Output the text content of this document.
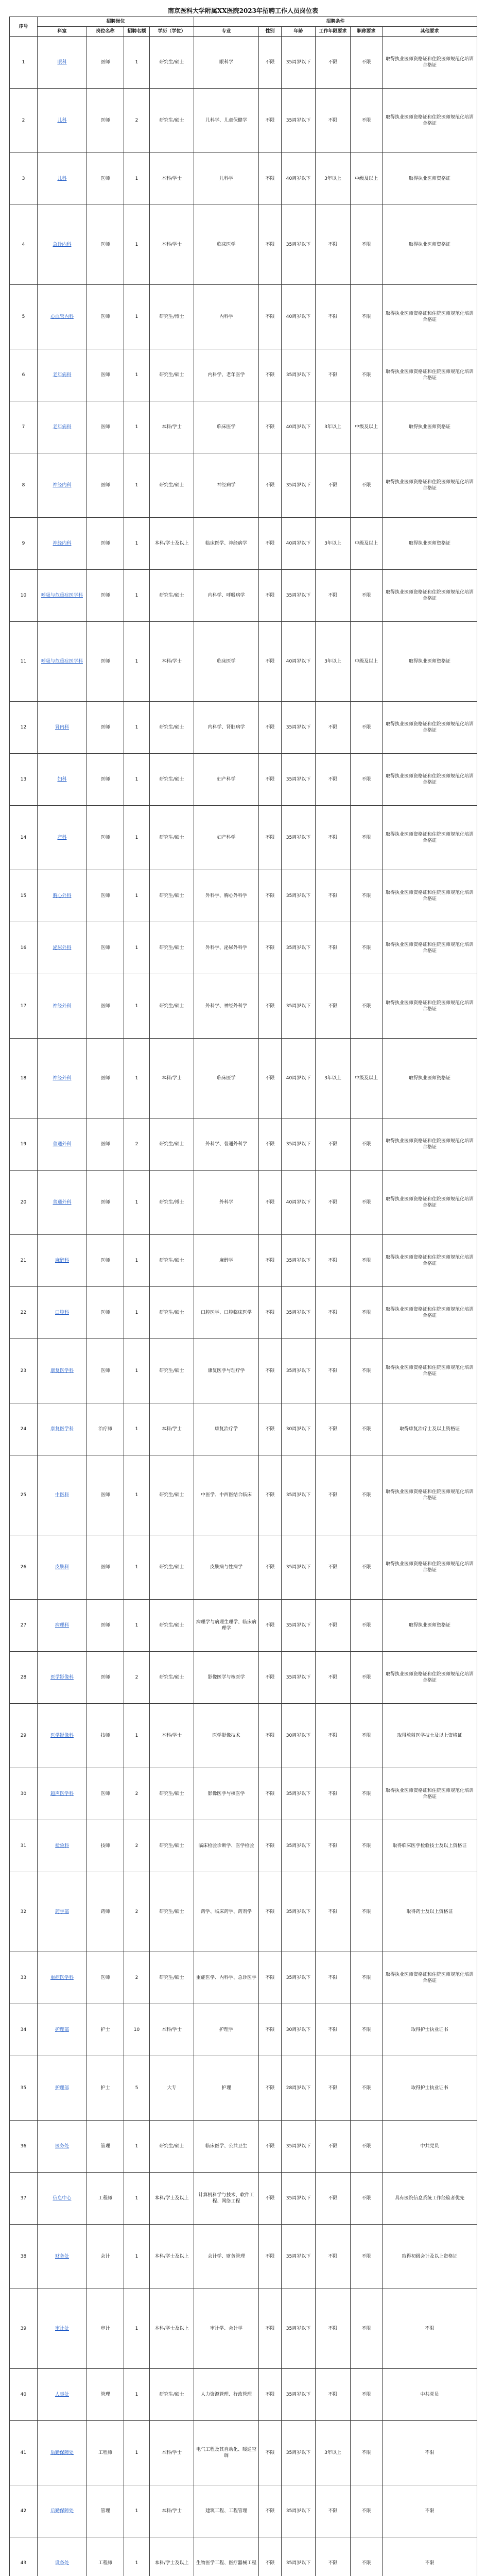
南京医科大学附属XX医院2023年招聘工作人员岗位表
序号	招聘岗位				招聘条件					
	科室	岗位名称	招聘名额	学历（学位）	专业	性别	年龄	工作年限要求	职称要求	其他要求
1	眼科	医师	1	研究生/硕士	眼科学	不限	35周岁以下	不限	不限	取得执业医师资格证和住院医师规范化培训合格证
2	儿科	医师	2	研究生/硕士	儿科学、儿童保健学	不限	35周岁以下	不限	不限	取得执业医师资格证和住院医师规范化培训合格证
3	儿科	医师	1	本科/学士	儿科学	不限	40周岁以下	3年以上	中级及以上	取得执业医师资格证
4	急诊内科	医师	1	本科/学士	临床医学	不限	35周岁以下	不限	不限	取得执业医师资格证
5	心血管内科	医师	1	研究生/博士	内科学	不限	40周岁以下	不限	不限	取得执业医师资格证和住院医师规范化培训合格证
6	老年病科	医师	1	研究生/硕士	内科学、老年医学	不限	35周岁以下	不限	不限	取得执业医师资格证和住院医师规范化培训合格证
7	老年病科	医师	1	本科/学士	临床医学	不限	40周岁以下	3年以上	中级及以上	取得执业医师资格证
8	神经内科	医师	1	研究生/硕士	神经病学	不限	35周岁以下	不限	不限	取得执业医师资格证和住院医师规范化培训合格证
9	神经内科	医师	1	本科/学士及以上	临床医学、神经病学	不限	40周岁以下	3年以上	中级及以上	取得执业医师资格证
10	呼吸与危重症医学科	医师	1	研究生/硕士	内科学、呼吸病学	不限	35周岁以下	不限	不限	取得执业医师资格证和住院医师规范化培训合格证
11	呼吸与危重症医学科	医师	1	本科/学士	临床医学	不限	40周岁以下	3年以上	中级及以上	取得执业医师资格证
12	肾内科	医师	1	研究生/硕士	内科学、肾脏病学	不限	35周岁以下	不限	不限	取得执业医师资格证和住院医师规范化培训合格证
13	妇科	医师	1	研究生/硕士	妇产科学	不限	35周岁以下	不限	不限	取得执业医师资格证和住院医师规范化培训合格证
14	产科	医师	1	研究生/硕士	妇产科学	不限	35周岁以下	不限	不限	取得执业医师资格证和住院医师规范化培训合格证
15	胸心外科	医师	1	研究生/硕士	外科学、胸心外科学	不限	35周岁以下	不限	不限	取得执业医师资格证和住院医师规范化培训合格证
16	泌尿外科	医师	1	研究生/硕士	外科学、泌尿外科学	不限	35周岁以下	不限	不限	取得执业医师资格证和住院医师规范化培训合格证
17	神经外科	医师	1	研究生/硕士	外科学、神经外科学	不限	35周岁以下	不限	不限	取得执业医师资格证和住院医师规范化培训合格证
18	神经外科	医师	1	本科/学士	临床医学	不限	40周岁以下	3年以上	中级及以上	取得执业医师资格证
19	普通外科	医师	2	研究生/硕士	外科学、普通外科学	不限	35周岁以下	不限	不限	取得执业医师资格证和住院医师规范化培训合格证
20	普通外科	医师	1	研究生/博士	外科学	不限	40周岁以下	不限	不限	取得执业医师资格证和住院医师规范化培训合格证
21	麻醉科	医师	1	研究生/硕士	麻醉学	不限	35周岁以下	不限	不限	取得执业医师资格证和住院医师规范化培训合格证
22	口腔科	医师	1	研究生/硕士	口腔医学、口腔临床医学	不限	35周岁以下	不限	不限	取得执业医师资格证和住院医师规范化培训合格证
23	康复医学科	医师	1	研究生/硕士	康复医学与理疗学	不限	35周岁以下	不限	不限	取得执业医师资格证和住院医师规范化培训合格证
24	康复医学科	治疗师	1	本科/学士	康复治疗学	不限	30周岁以下	不限	不限	取得康复治疗士及以上资格证
25	中医科	医师	1	研究生/硕士	中医学、中西医结合临床	不限	35周岁以下	不限	不限	取得执业医师资格证和住院医师规范化培训合格证
26	皮肤科	医师	1	研究生/硕士	皮肤病与性病学	不限	35周岁以下	不限	不限	取得执业医师资格证和住院医师规范化培训合格证
27	病理科	医师	1	研究生/硕士	病理学与病理生理学、临床病理学	不限	35周岁以下	不限	不限	取得执业医师资格证
28	医学影像科	医师	2	研究生/硕士	影像医学与核医学	不限	35周岁以下	不限	不限	取得执业医师资格证和住院医师规范化培训合格证
29	医学影像科	技师	1	本科/学士	医学影像技术	不限	30周岁以下	不限	不限	取得放射医学技士及以上资格证
30	超声医学科	医师	2	研究生/硕士	影像医学与核医学	不限	35周岁以下	不限	不限	取得执业医师资格证和住院医师规范化培训合格证
31	检验科	技师	2	研究生/硕士	临床检验诊断学、医学检验	不限	35周岁以下	不限	不限	取得临床医学检验技士及以上资格证
32	药学部	药师	2	研究生/硕士	药学、临床药学、药剂学	不限	35周岁以下	不限	不限	取得药士及以上资格证
33	重症医学科	医师	2	研究生/硕士	重症医学、内科学、急诊医学	不限	35周岁以下	不限	不限	取得执业医师资格证和住院医师规范化培训合格证
34	护理部	护士	10	本科/学士	护理学	不限	30周岁以下	不限	不限	取得护士执业证书
35	护理部	护士	5	大专	护理	不限	28周岁以下	不限	不限	取得护士执业证书
36	医务处	管理	1	研究生/硕士	临床医学、公共卫生	不限	35周岁以下	不限	不限	中共党员
37	信息中心	工程师	1	本科/学士及以上	计算机科学与技术、软件工程、网络工程	不限	35周岁以下	不限	不限	具有医院信息系统工作经验者优先
38	财务处	会计	1	本科/学士及以上	会计学、财务管理	不限	35周岁以下	不限	不限	取得初级会计及以上资格证
39	审计处	审计	1	本科/学士及以上	审计学、会计学	不限	35周岁以下	不限	不限	不限
40	人事处	管理	1	研究生/硕士	人力资源管理、行政管理	不限	35周岁以下	不限	不限	中共党员
41	后勤保障处	工程师	1	本科/学士	电气工程及其自动化、暖通空调	不限	35周岁以下	3年以上	不限	不限
42	后勤保障处	管理	1	本科/学士	建筑工程、工程管理	不限	35周岁以下	不限	不限	不限
43	设备处	工程师	1	本科/学士及以上	生物医学工程、医疗器械工程	不限	35周岁以下	不限	不限	不限
